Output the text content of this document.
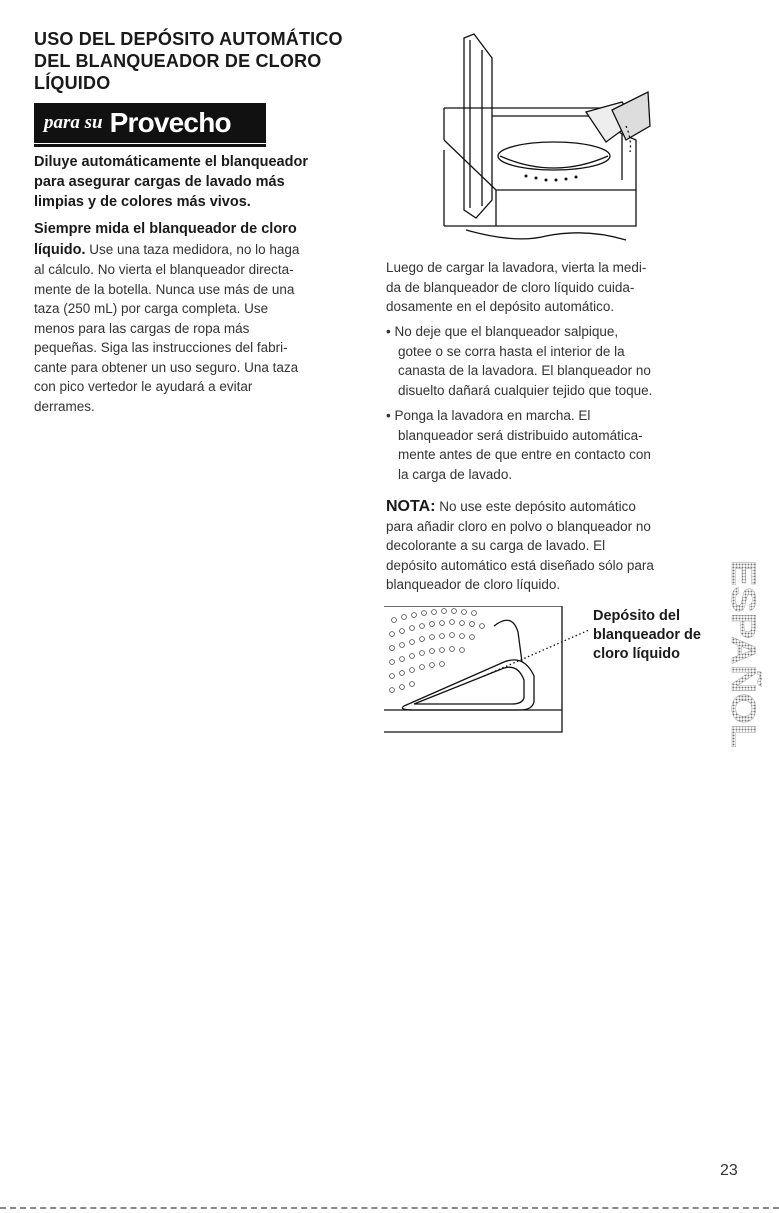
USO DEL DEPÓSITO AUTOMÁTICO
DEL BLANQUEADOR DE CLORO
LÍQUIDO
para su Provecho
Diluye automáticamente el blanqueador
para asegurar cargas de lavado más
limpias y de colores más vivos.
Siempre mida el blanqueador de cloro
líquido. Use una taza medidora, no lo haga
al cálculo. No vierta el blanqueador directa-
mente de la botella. Nunca use más de una
taza (250 mL) por carga completa. Use
menos para las cargas de ropa más
pequeñas. Siga las instrucciones del fabri-
cante para obtener un uso seguro. Una taza
con pico vertedor le ayudará a evitar
derrames.
Luego de cargar la lavadora, vierta la medi-
da de blanqueador de cloro líquido cuida-
dosamente en el depósito automático.
• No deje que el blanqueador salpique,
gotee o se corra hasta el interior de la
canasta de la lavadora. El blanqueador no
disuelto dañará cualquier tejido que toque.
• Ponga la lavadora en marcha. El
blanqueador será distribuido automática-
mente antes de que entre en contacto con
la carga de lavado.
NOTA: No use este depósito automático
para añadir cloro en polvo o blanqueador no
decolorante a su carga de lavado. El
depósito automático está diseñado sólo para
blanqueador de cloro líquido.
Depósito del
blanqueador de
cloro líquido	ESPAÑOL
23
